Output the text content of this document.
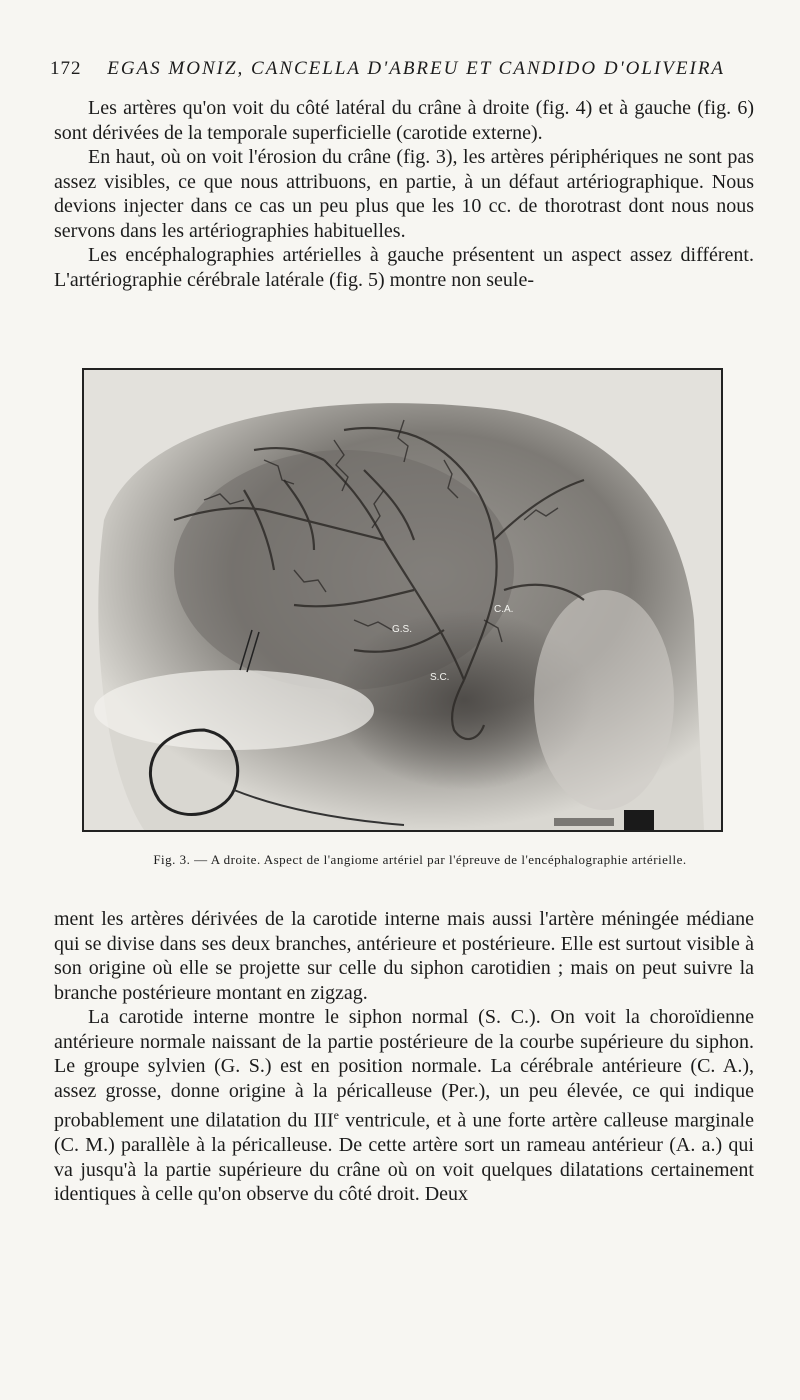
172 EGAS MONIZ, CANCELLA D'ABREU ET CANDIDO D'OLIVEIRA

Les artères qu'on voit du côté latéral du crâne à droite (fig. 4) et à gauche (fig. 6) sont dérivées de la temporale superficielle (carotide externe).

En haut, où on voit l'érosion du crâne (fig. 3), les artères périphériques ne sont pas assez visibles, ce que nous attribuons, en partie, à un défaut artériographique. Nous devions injecter dans ce cas un peu plus que les 10 cc. de thorotrast dont nous nous servons dans les artériographies habituelles.

Les encéphalographies artérielles à gauche présentent un aspect assez différent. L'artériographie cérébrale latérale (fig. 5) montre non seule-

C.A.
G.S.
S.C.
Fig. 3. — A droite. Aspect de l'angiome artériel par l'épreuve de l'encéphalographie artérielle.

ment les artères dérivées de la carotide interne mais aussi l'artère méningée médiane qui se divise dans ses deux branches, antérieure et postérieure. Elle est surtout visible à son origine où elle se projette sur celle du siphon carotidien ; mais on peut suivre la branche postérieure montant en zigzag.

La carotide interne montre le siphon normal (S. C.). On voit la choroïdienne antérieure normale naissant de la partie postérieure de la courbe supérieure du siphon. Le groupe sylvien (G. S.) est en position normale. La cérébrale antérieure (C. A.), assez grosse, donne origine à la péricalleuse (Per.), un peu élevée, ce qui indique probablement une dilatation du IIIe ventricule, et à une forte artère calleuse marginale (C. M.) parallèle à la péricalleuse. De cette artère sort un rameau antérieur (A. a.) qui va jusqu'à la partie supérieure du crâne où on voit quelques dilatations certainement identiques à celle qu'on observe du côté droit. Deux
